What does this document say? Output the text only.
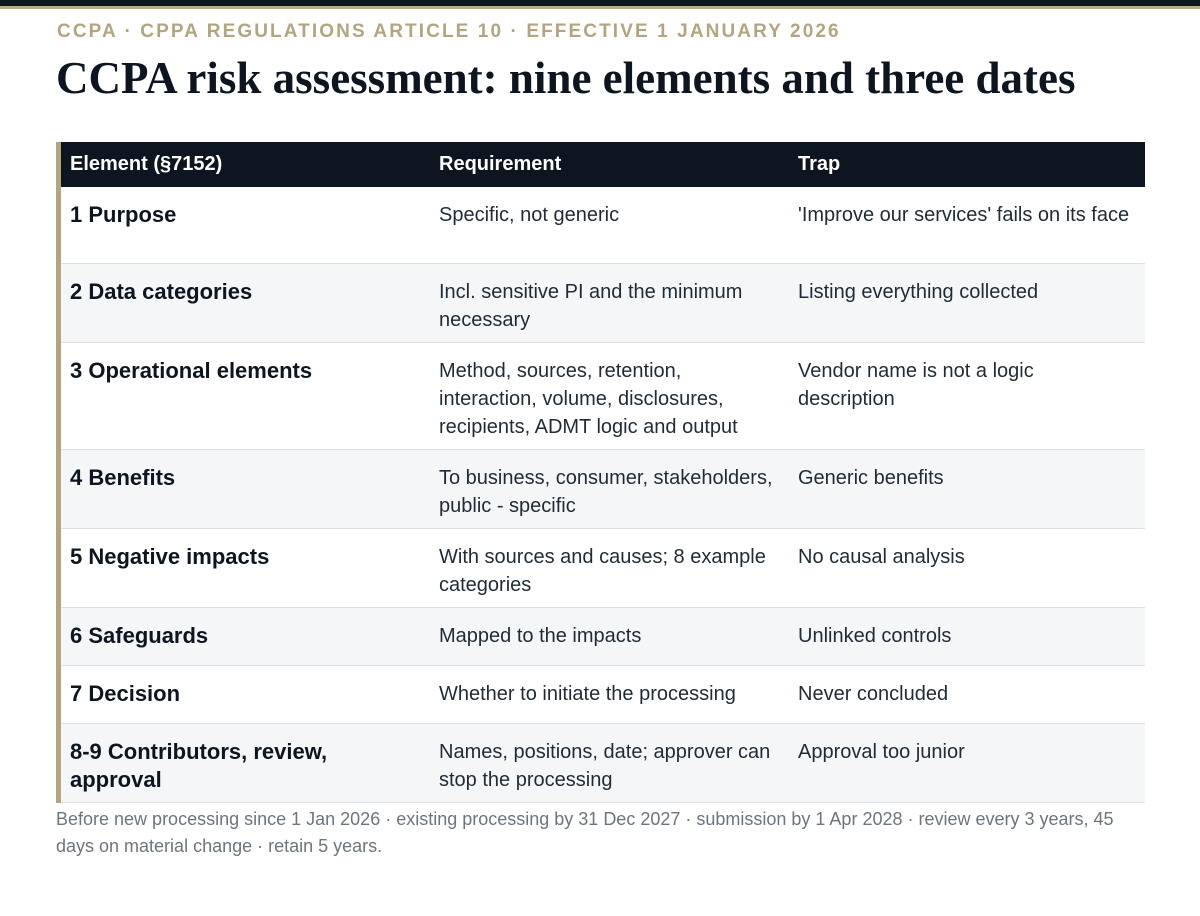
CCPA · CPPA REGULATIONS ARTICLE 10 · EFFECTIVE 1 JANUARY 2026
CCPA risk assessment: nine elements and three dates
Element (§7152)	Requirement	Trap
1 Purpose	Specific, not generic	'Improve our services' fails on its face
2 Data categories	Incl. sensitive PI and the minimum necessary	Listing everything collected
3 Operational elements	Method, sources, retention, interaction, volume, disclosures, recipients, ADMT logic and output	Vendor name is not a logic description
4 Benefits	To business, consumer, stakeholders, public - specific	Generic benefits
5 Negative impacts	With sources and causes; 8 example categories	No causal analysis
6 Safeguards	Mapped to the impacts	Unlinked controls
7 Decision	Whether to initiate the processing	Never concluded
8-9 Contributors, review, approval	Names, positions, date; approver can stop the processing	Approval too junior

Before new processing since 1 Jan 2026 · existing processing by 31 Dec 2027 · submission by 1 Apr 2028 · review every 3 years, 45 days on material change · retain 5 years.
